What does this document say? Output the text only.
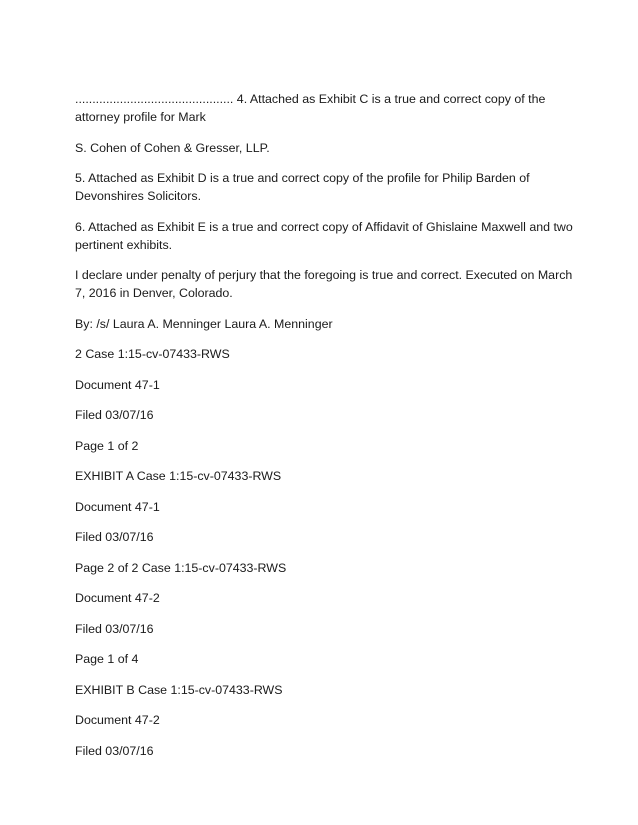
.............................................. 4. Attached as Exhibit C is a true and correct copy of the attorney profile for Mark

S. Cohen of Cohen & Gresser, LLP.

5. Attached as Exhibit D is a true and correct copy of the profile for Philip Barden of Devonshires Solicitors.

6. Attached as Exhibit E is a true and correct copy of Affidavit of Ghislaine Maxwell and two pertinent exhibits.

I declare under penalty of perjury that the foregoing is true and correct. Executed on March 7, 2016 in Denver, Colorado.

By: /s/ Laura A. Menninger Laura A. Menninger

2 Case 1:15-cv-07433-RWS

Document 47-1

Filed 03/07/16

Page 1 of 2

EXHIBIT A Case 1:15-cv-07433-RWS

Document 47-1

Filed 03/07/16

Page 2 of 2 Case 1:15-cv-07433-RWS

Document 47-2

Filed 03/07/16

Page 1 of 4

EXHIBIT B Case 1:15-cv-07433-RWS

Document 47-2

Filed 03/07/16
